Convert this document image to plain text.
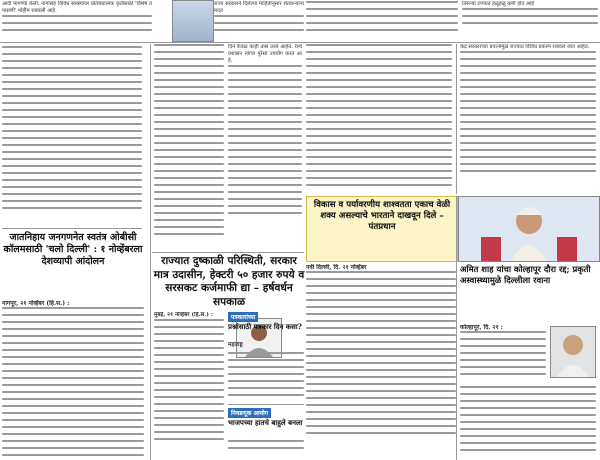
आदी मागण्या केली. नागांसंह विविध समस्यांवर प्रतिबंधात्मक कृतीसाठी 'विशेष तपासणी' मोहीम राबवली आहे.
राज्य सरकारने दिलेल्या माहितीनुसार शेतकऱ्यांना मदत
तिसऱ्या टप्प्यात हळूहळू कमी होत आहे
जातनिहाय जनगणनेत स्वतंत्र ओबीसी कॉलमसाठी 'चलो दिल्ली' : १ नोव्हेंबरला देशव्यापी आंदोलन
नागपूर, २१ नोव्हेंबर (हि.स.) :
दिन केवळ काही तास उरले आहेत. रेल्वे प्रशासन त्याचा पुरेसा उपयोग करत आहे.
केंद्र सरकारच्या प्रयत्नांमुळे राज्यात विविध प्रकल्प राबवले जात आहेत.
विकास व पर्यावरणीय शाश्वतता एकाच वेळी शक्य असल्याचे भारताने दाखवून दिले – पंतप्रधान
राज्यात दुष्काळी परिस्थिती, सरकार मात्र उदासीन, हेक्टरी ५० हजार रुपये व सरसकट कर्जमाफी द्या – हर्षवर्धन सपकाळ
नवी दिल्ली, दि. २१ नोव्हेंबर	अमित शाह यांचा कोल्हापूर दौरा रद्द; प्रकृती अस्वास्थ्यामुळे दिल्लीला रवाना
कोल्हापूर, दि. २१ :
मुंबई, २१ नोव्हेंबर (हि.स.) :	पत्रकारांच्या
प्रश्नांसाठी पत्रकार दिन कसा?
महाराष्ट्र
निवडणूक आयोग
भाजपच्या हातचे बाहुले बनला
